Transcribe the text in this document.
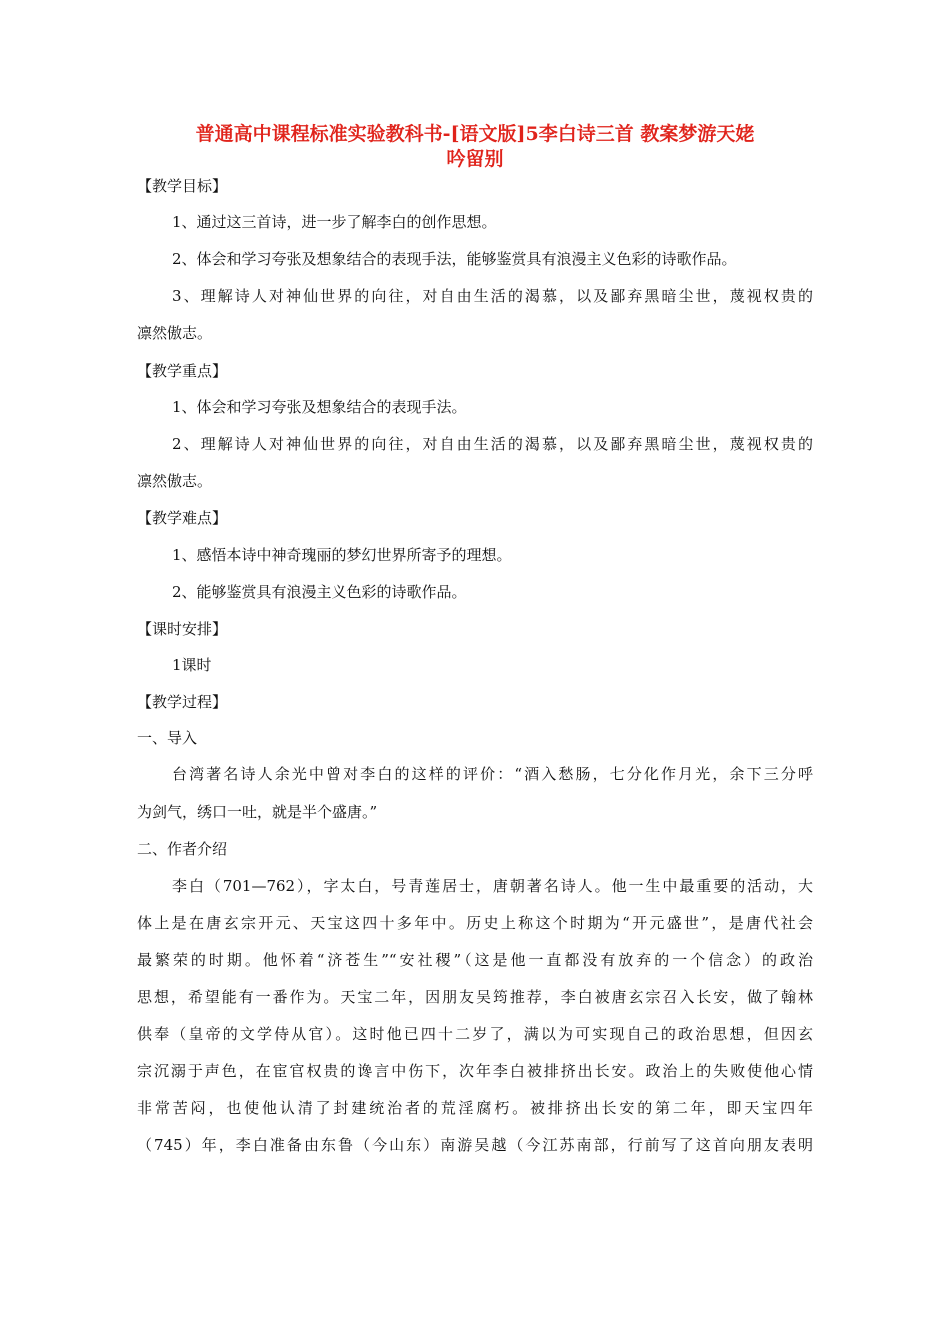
普通高中课程标准实验教科书-[语文版]5李白诗三首 教案梦游天姥
吟留别
【教学目标】
1、通过这三首诗，进一步了解李白的创作思想。
2、体会和学习夸张及想象结合的表现手法，能够鉴赏具有浪漫主义色彩的诗歌作品。
3、理解诗人对神仙世界的向往，对自由生活的渴慕，以及鄙弃黑暗尘世，蔑视权贵的
凛然傲志。
【教学重点】
1、体会和学习夸张及想象结合的表现手法。
2、理解诗人对神仙世界的向往，对自由生活的渴慕，以及鄙弃黑暗尘世，蔑视权贵的
凛然傲志。
【教学难点】
1、感悟本诗中神奇瑰丽的梦幻世界所寄予的理想。
2、能够鉴赏具有浪漫主义色彩的诗歌作品。
【课时安排】
1课时
【教学过程】
一、导入
台湾著名诗人余光中曾对李白的这样的评价：“酒入愁肠，七分化作月光，余下三分呼
为剑气，绣口一吐，就是半个盛唐。”
二、作者介绍
李白（701—762），字太白，号青莲居士，唐朝著名诗人。他一生中最重要的活动，大
体上是在唐玄宗开元、天宝这四十多年中。历史上称这个时期为“开元盛世”，是唐代社会
最繁荣的时期。他怀着“济苍生”“安社稷”（这是他一直都没有放弃的一个信念）的政治
思想，希望能有一番作为。天宝二年，因朋友吴筠推荐，李白被唐玄宗召入长安，做了翰林
供奉（皇帝的文学侍从官）。这时他已四十二岁了，满以为可实现自己的政治思想，但因玄
宗沉溺于声色，在宦官权贵的谗言中伤下，次年李白被排挤出长安。政治上的失败使他心情
非常苦闷，也使他认清了封建统治者的荒淫腐朽。被排挤出长安的第二年，即天宝四年
（745）年，李白准备由东鲁（今山东）南游吴越（今江苏南部，行前写了这首向朋友表明
